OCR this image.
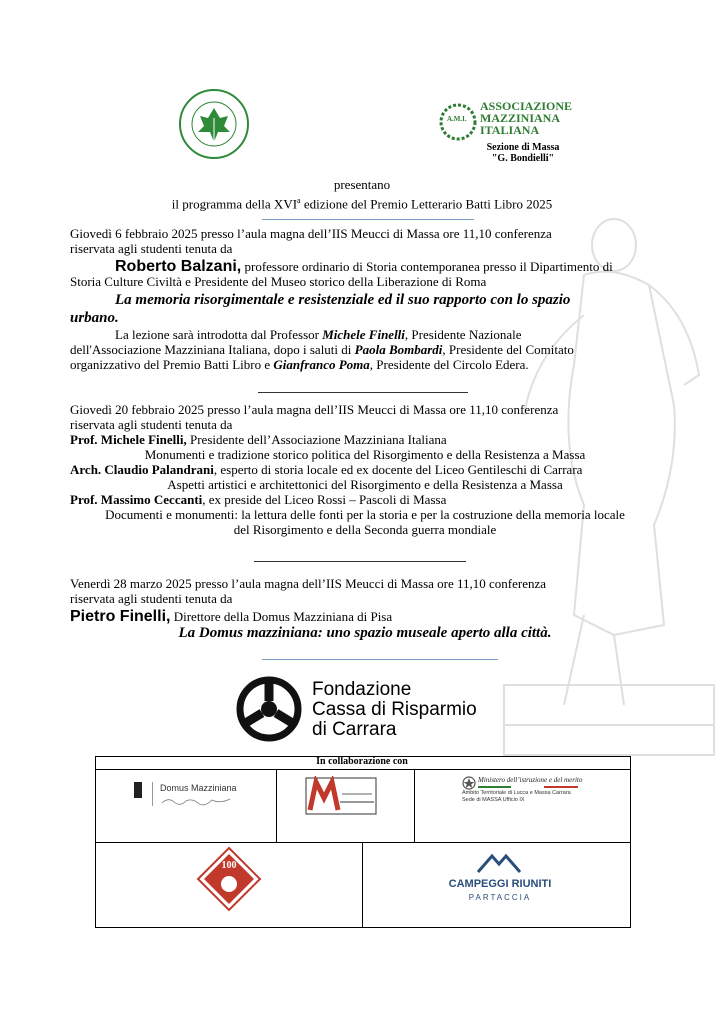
A.M.I.
ASSOCIAZIONE
MAZZINIANA
ITALIANA
Sezione di Massa
"G. Bondielli"
presentano
il programma della XVI$^a$ edizione del Premio Letterario Batti Libro 2025
Giovedì 6 febbraio 2025 presso l’aula magna dell’IIS Meucci di Massa ore 11,10 conferenza
riservata agli studenti tenuta da
Roberto Balzani, professore ordinario di Storia contemporanea presso il Dipartimento di
Storia Culture Civiltà e Presidente del Museo storico della Liberazione di Roma
La memoria risorgimentale e resistenziale ed il suo rapporto con lo spazio
urbano.
La lezione sarà introdotta dal Professor Michele Finelli, Presidente Nazionale
dell'Associazione Mazziniana Italiana, dopo i saluti di Paola Bombardi, Presidente del Comitato
organizzativo del Premio Batti Libro e Gianfranco Poma, Presidente del Circolo Edera.
Giovedì 20 febbraio 2025 presso l’aula magna dell’IIS Meucci di Massa ore 11,10 conferenza
riservata agli studenti tenuta da
Prof. Michele Finelli, Presidente dell’Associazione Mazziniana Italiana
Monumenti e tradizione storico politica del Risorgimento e della Resistenza a Massa
Arch. Claudio Palandrani, esperto di storia locale ed ex docente del Liceo Gentileschi di Carrara
Aspetti artistici e architettonici del Risorgimento e della Resistenza a Massa
Prof. Massimo Ceccanti, ex preside del Liceo Rossi – Pascoli di Massa
Documenti e monumenti: la lettura delle fonti per la storia e per la costruzione della memoria locale
del Risorgimento e della Seconda guerra mondiale
Venerdì 28 marzo 2025 presso l’aula magna dell’IIS Meucci di Massa ore 11,10 conferenza
riservata agli studenti tenuta da
Pietro Finelli, Direttore della Domus Mazziniana di Pisa
La Domus mazziniana: uno spazio museale aperto alla città.
Fondazione
Cassa di Risparmio
di Carrara
In collaborazione con
Domus Mazziniana
Ministero dell’istruzione e del merito
Ambito Territoriale di Lucca e Massa Carrara
Sede di MASSA Ufficio IX
100
CAMPEGGI RIUNITI
PARTACCIA
